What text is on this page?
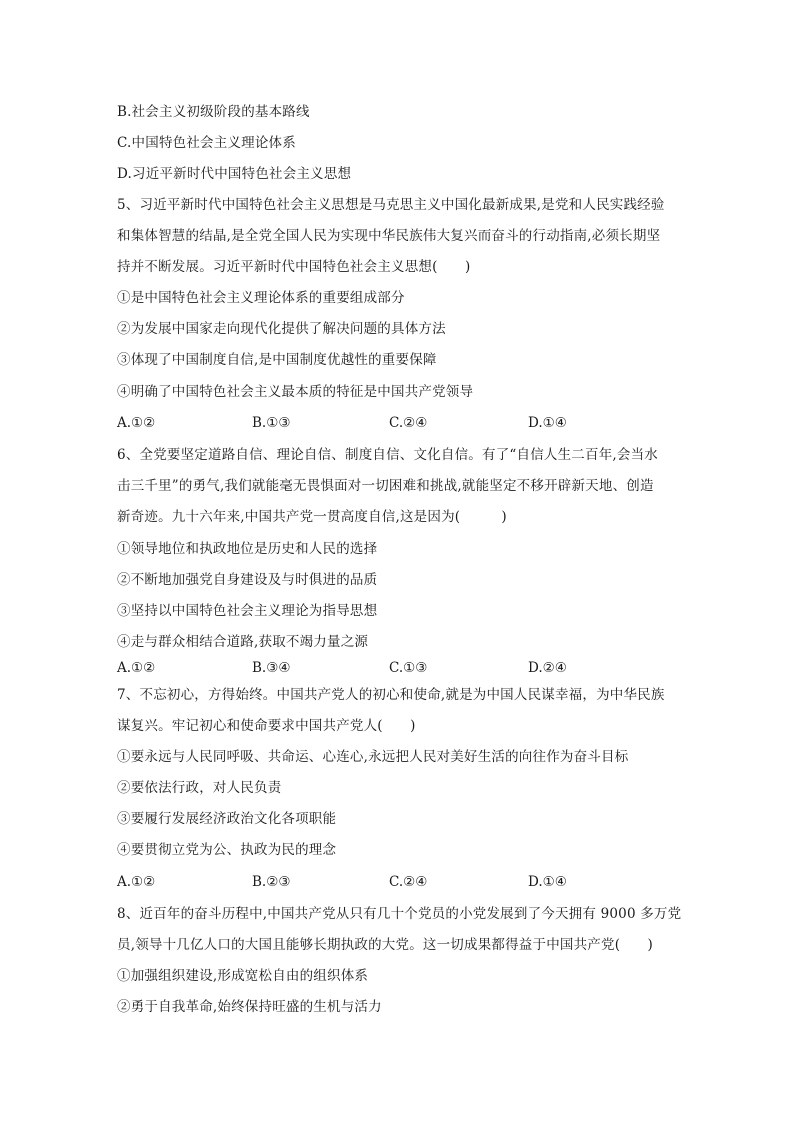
B.社会主义初级阶段的基本路线
C.中国特色社会主义理论体系
D.习近平新时代中国特色社会主义思想
5、习近平新时代中国特色社会主义思想是马克思主义中国化最新成果,是党和人民实践经验
和集体智慧的结晶,是全党全国人民为实现中华民族伟大复兴而奋斗的行动指南,必须长期坚
持并不断发展。习近平新时代中国特色社会主义思想(　　)
①是中国特色社会主义理论体系的重要组成部分
②为发展中国家走向现代化提供了解决问题的具体方法
③体现了中国制度自信,是中国制度优越性的重要保障
④明确了中国特色社会主义最本质的特征是中国共产党领导
A.①②	B.①③	C.②④	D.①④
6、全党要坚定道路自信、理论自信、制度自信、文化自信。有了“自信人生二百年,会当水
击三千里”的勇气,我们就能毫无畏惧面对一切困难和挑战,就能坚定不移开辟新天地、创造
新奇迹。九十六年来,中国共产党一贯高度自信,这是因为(　　　)
①领导地位和执政地位是历史和人民的选择
②不断地加强党自身建设及与时俱进的品质
③坚持以中国特色社会主义理论为指导思想
④走与群众相结合道路,获取不竭力量之源
A.①②	B.③④	C.①③	D.②④
7、不忘初心，方得始终。中国共产党人的初心和使命,就是为中国人民谋幸福，为中华民族
谋复兴。牢记初心和使命要求中国共产党人(　　)
①要永远与人民同呼吸、共命运、心连心,永远把人民对美好生活的向往作为奋斗目标
②要依法行政，对人民负责
③要履行发展经济政治文化各项职能
④要贯彻立党为公、执政为民的理念
A.①②	B.②③	C.②④	D.①④
8、近百年的奋斗历程中,中国共产党从只有几十个党员的小党发展到了今天拥有 9000 多万党
员,领导十几亿人口的大国且能够长期执政的大党。这一切成果都得益于中国共产党(　　)
①加强组织建设,形成宽松自由的组织体系
②勇于自我革命,始终保持旺盛的生机与活力
